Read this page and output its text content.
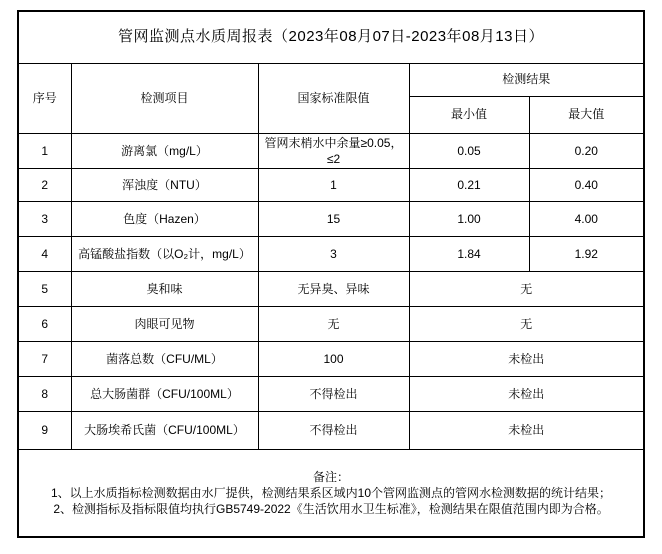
管网监测点水质周报表（2023年08月07日-2023年08月13日）				
序号	检测项目	国家标准限值	检测结果	
			最小值	最大值
1	游离氯（mg/L）	管网末梢水中余量≥0.05，≤2	0.05	0.20
2	浑浊度（NTU）	1	0.21	0.40
3	色度（Hazen）	15	1.00	4.00
4	高锰酸盐指数（以O₂计，mg/L）	3	1.84	1.92
5	臭和味	无异臭、异味	无	
6	肉眼可见物	无	无	
7	菌落总数（CFU/ML）	100	未检出	
8	总大肠菌群（CFU/100ML）	不得检出	未检出	
9	大肠埃希氏菌（CFU/100ML）	不得检出	未检出	

备注：
1、以上水质指标检测数据由水厂提供，检测结果系区域内10个管网监测点的管网水检测数据的统计结果；
2、检测指标及指标限值均执行GB5749-2022《生活饮用水卫生标准》，检测结果在限值范围内即为合格。				
